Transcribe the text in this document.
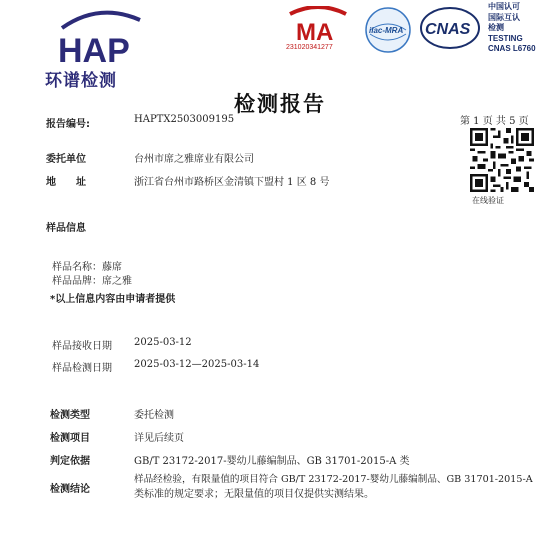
HAP
环谱检测
MA
231020341277
ilac-MRA CNAS
中国认可
国际互认
检测
TESTING
CNAS L6760
检测报告
报告编号:	HAPTX2503009195	第 1 页 共 5 页
在线验证
委托单位	台州市席之雅席业有限公司
地　　址	浙江省台州市路桥区金清镇下盟村 1 区 8 号
样品信息
样品名称：藤席
样品品牌：席之雅
*以上信息内容由申请者提供
样品接收日期 2025-03-12
样品检测日期 2025-03-12—2025-03-14
检测类型	委托检测
检测项目	详见后续页
判定依据	GB/T 23172-2017-婴幼儿藤编制品、GB 31701-2015-A 类
检测结论
样品经检验，有限量值的项目符合 GB/T 23172-2017-婴幼儿藤编制品、GB 31701-2015-A
类标准的规定要求；无限量值的项目仅提供实测结果。
